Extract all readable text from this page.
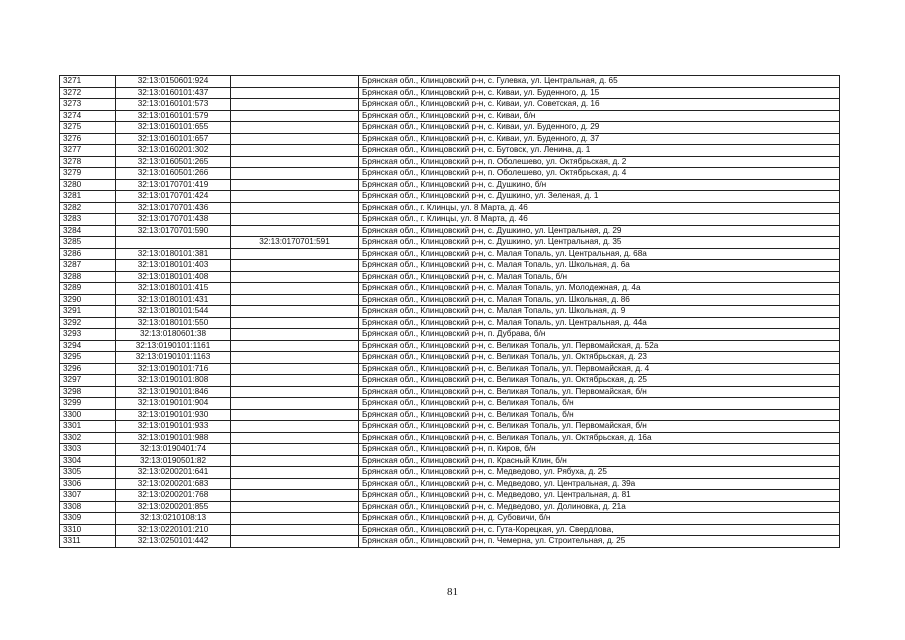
3271	32:13:0150601:924		Брянская обл., Клинцовский р-н, с. Гулевка, ул. Центральная, д. 65
3272	32:13:0160101:437		Брянская обл., Клинцовский р-н, с. Киваи, ул. Буденного, д. 15
3273	32:13:0160101:573		Брянская обл., Клинцовский р-н, с. Киваи, ул. Советская, д. 16
3274	32:13:0160101:579		Брянская обл., Клинцовский р-н, с. Киваи, б/н
3275	32:13:0160101:655		Брянская обл., Клинцовский р-н, с. Киваи, ул. Буденного, д. 29
3276	32:13:0160101:657		Брянская обл., Клинцовский р-н, с. Киваи, ул. Буденного, д. 37
3277	32:13:0160201:302		Брянская обл., Клинцовский р-н, с. Бутовск, ул. Ленина, д. 1
3278	32:13:0160501:265		Брянская обл., Клинцовский р-н, п. Оболешево, ул. Октябрьская, д. 2
3279	32:13:0160501:266		Брянская обл., Клинцовский р-н, п. Оболешево, ул. Октябрьская, д. 4
3280	32:13:0170701:419		Брянская обл., Клинцовский р-н, с. Душкино, б/н
3281	32:13:0170701:424		Брянская обл., Клинцовский р-н, с. Душкино, ул. Зеленая, д. 1
3282	32:13:0170701:436		Брянская обл., г. Клинцы, ул. 8 Марта, д. 46
3283	32:13:0170701:438		Брянская обл., г. Клинцы, ул. 8 Марта, д. 46
3284	32:13:0170701:590		Брянская обл., Клинцовский р-н, с. Душкино, ул. Центральная, д. 29
3285		32:13:0170701:591	Брянская обл., Клинцовский р-н, с. Душкино, ул. Центральная, д. 35
3286	32:13:0180101:381		Брянская обл., Клинцовский р-н, с. Малая Топаль, ул. Центральная, д. 68а
3287	32:13:0180101:403		Брянская обл., Клинцовский р-н, с. Малая Топаль, ул. Школьная, д. 6а
3288	32:13:0180101:408		Брянская обл., Клинцовский р-н, с. Малая Топаль, б/н
3289	32:13:0180101:415		Брянская обл., Клинцовский р-н, с. Малая Топаль, ул. Молодежная, д. 4а
3290	32:13:0180101:431		Брянская обл., Клинцовский р-н, с. Малая Топаль, ул. Школьная, д. 86
3291	32:13:0180101:544		Брянская обл., Клинцовский р-н, с. Малая Топаль, ул. Школьная, д. 9
3292	32:13:0180101:550		Брянская обл., Клинцовский р-н, с. Малая Топаль, ул. Центральная, д. 44а
3293	32:13:0180601:38		Брянская обл., Клинцовский р-н, п. Дубрава, б/н
3294	32:13:0190101:1161		Брянская обл., Клинцовский р-н, с. Великая Топаль, ул. Первомайская, д. 52а
3295	32:13:0190101:1163		Брянская обл., Клинцовский р-н, с. Великая Топаль, ул. Октябрьская, д. 23
3296	32:13:0190101:716		Брянская обл., Клинцовский р-н, с. Великая Топаль, ул. Первомайская, д. 4
3297	32:13:0190101:808		Брянская обл., Клинцовский р-н, с. Великая Топаль, ул. Октябрьская, д. 25
3298	32:13:0190101:846		Брянская обл., Клинцовский р-н, с. Великая Топаль, ул. Первомайская, б/н
3299	32:13:0190101:904		Брянская обл., Клинцовский р-н, с. Великая Топаль, б/н
3300	32:13:0190101:930		Брянская обл., Клинцовский р-н, с. Великая Топаль, б/н
3301	32:13:0190101:933		Брянская обл., Клинцовский р-н, с. Великая Топаль, ул. Первомайская, б/н
3302	32:13:0190101:988		Брянская обл., Клинцовский р-н, с. Великая Топаль, ул. Октябрьская, д. 16а
3303	32:13:0190401:74		Брянская обл., Клинцовский р-н, п. Киров, б/н
3304	32:13:0190501:82		Брянская обл., Клинцовский р-н, п. Красный Клин, б/н
3305	32:13:0200201:641		Брянская обл., Клинцовский р-н, с. Медведово, ул. Рябуха, д. 25
3306	32:13:0200201:683		Брянская обл., Клинцовский р-н, с. Медведово, ул. Центральная, д. 39а
3307	32:13:0200201:768		Брянская обл., Клинцовский р-н, с. Медведово, ул. Центральная, д. 81
3308	32:13:0200201:855		Брянская обл., Клинцовский р-н, с. Медведово, ул. Долиновка, д. 21а
3309	32:13:0210108:13		Брянская обл., Клинцовский р-н, д. Субовичи, б/н
3310	32:13:0220101:210		Брянская обл., Клинцовский р-н, с. Гута-Корецкая, ул. Свердлова,
3311	32:13:0250101:442		Брянская обл., Клинцовский р-н, п. Чемерна, ул. Строительная, д. 25
81
